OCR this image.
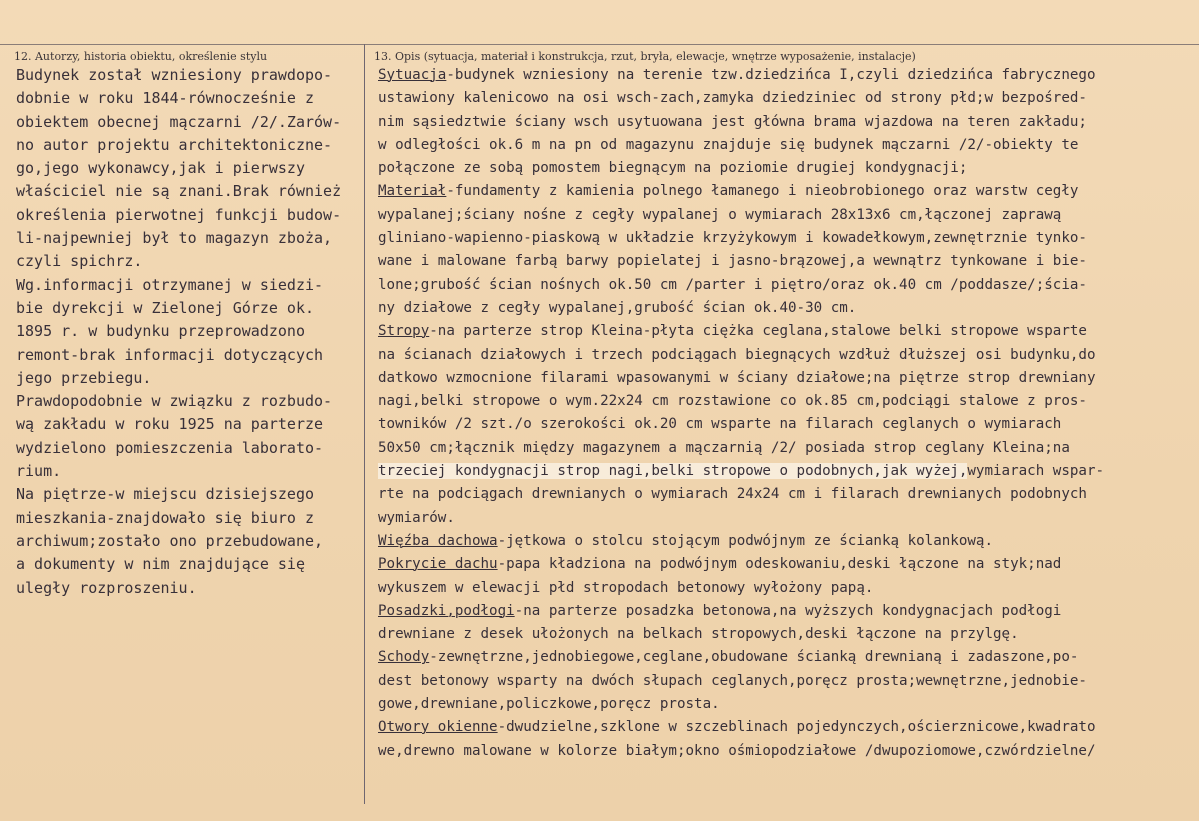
12. Autorzy, historia obiektu, określenie stylu	13. Opis (sytuacja, materiał i konstrukcja, rzut, bryła, elewacje, wnętrze wyposażenie, instalacje)
Budynek został wzniesiony prawdopo-
dobnie w roku 1844-równocześnie z
obiektem obecnej mączarni /2/.Zarów-
no autor projektu architektoniczne-
go,jego wykonawcy,jak i pierwszy
właściciel nie są znani.Brak również
określenia pierwotnej funkcji budow-
li-najpewniej był to magazyn zboża,
czyli spichrz.
Wg.informacji otrzymanej w siedzi-
bie dyrekcji w Zielonej Górze ok.
1895 r. w budynku przeprowadzono
remont-brak informacji dotyczących
jego przebiegu.
Prawdopodobnie w związku z rozbudo-
wą zakładu w roku 1925 na parterze
wydzielono pomieszczenia laborato-
rium.
Na piętrze-w miejscu dzisiejszego
mieszkania-znajdowało się biuro z
archiwum;zostało ono przebudowane,
a dokumenty w nim znajdujące się
uległy rozproszeniu.
Sytuacja-budynek wzniesiony na terenie tzw.dziedzińca I,czyli dziedzińca fabrycznego
ustawiony kalenicowo na osi wsch-zach,zamyka dziedziniec od strony płd;w bezpośred-
nim sąsiedztwie ściany wsch usytuowana jest główna brama wjazdowa na teren zakładu;
w odległości ok.6 m na pn od magazynu znajduje się budynek mączarni /2/-obiekty te
połączone ze sobą pomostem biegnącym na poziomie drugiej kondygnacji;
Materiał-fundamenty z kamienia polnego łamanego i nieobrobionego oraz warstw cegły
wypalanej;ściany nośne z cegły wypalanej o wymiarach 28x13x6 cm,łączonej zaprawą
gliniano-wapienno-piaskową w układzie krzyżykowym i kowadełkowym,zewnętrznie tynko-
wane i malowane farbą barwy popielatej i jasno-brązowej,a wewnątrz tynkowane i bie-
lone;grubość ścian nośnych ok.50 cm /parter i piętro/oraz ok.40 cm /poddasze/;ścia-
ny działowe z cegły wypalanej,grubość ścian ok.40-30 cm.
Stropy-na parterze strop Kleina-płyta ciężka ceglana,stalowe belki stropowe wsparte
na ścianach działowych i trzech podciągach biegnących wzdłuż dłuższej osi budynku,do
datkowo wzmocnione filarami wpasowanymi w ściany działowe;na piętrze strop drewniany
nagi,belki stropowe o wym.22x24 cm rozstawione co ok.85 cm,podciągi stalowe z pros-
towników /2 szt./o szerokości ok.20 cm wsparte na filarach ceglanych o wymiarach
50x50 cm;łącznik między magazynem a mączarnią /2/ posiada strop ceglany Kleina;na
trzeciej kondygnacji strop nagi,belki stropowe o podobnych,jak wyżej,wymiarach wspar-
rte na podciągach drewnianych o wymiarach 24x24 cm i filarach drewnianych podobnych
wymiarów.
Więźba dachowa-jętkowa o stolcu stojącym podwójnym ze ścianką kolankową.
Pokrycie dachu-papa kładziona na podwójnym odeskowaniu,deski łączone na styk;nad
wykuszem w elewacji płd stropodach betonowy wyłożony papą.
Posadzki,podłogi-na parterze posadzka betonowa,na wyższych kondygnacjach podłogi
drewniane z desek ułożonych na belkach stropowych,deski łączone na przylgę.
Schody-zewnętrzne,jednobiegowe,ceglane,obudowane ścianką drewnianą i zadaszone,po-
dest betonowy wsparty na dwóch słupach ceglanych,poręcz prosta;wewnętrzne,jednobie-
gowe,drewniane,policzkowe,poręcz prosta.
Otwory okienne-dwudzielne,szklone w szczeblinach pojedynczych,ościerznicowe,kwadrato
we,drewno malowane w kolorze białym;okno ośmiopodziałowe /dwupoziomowe,czwórdzielne/
